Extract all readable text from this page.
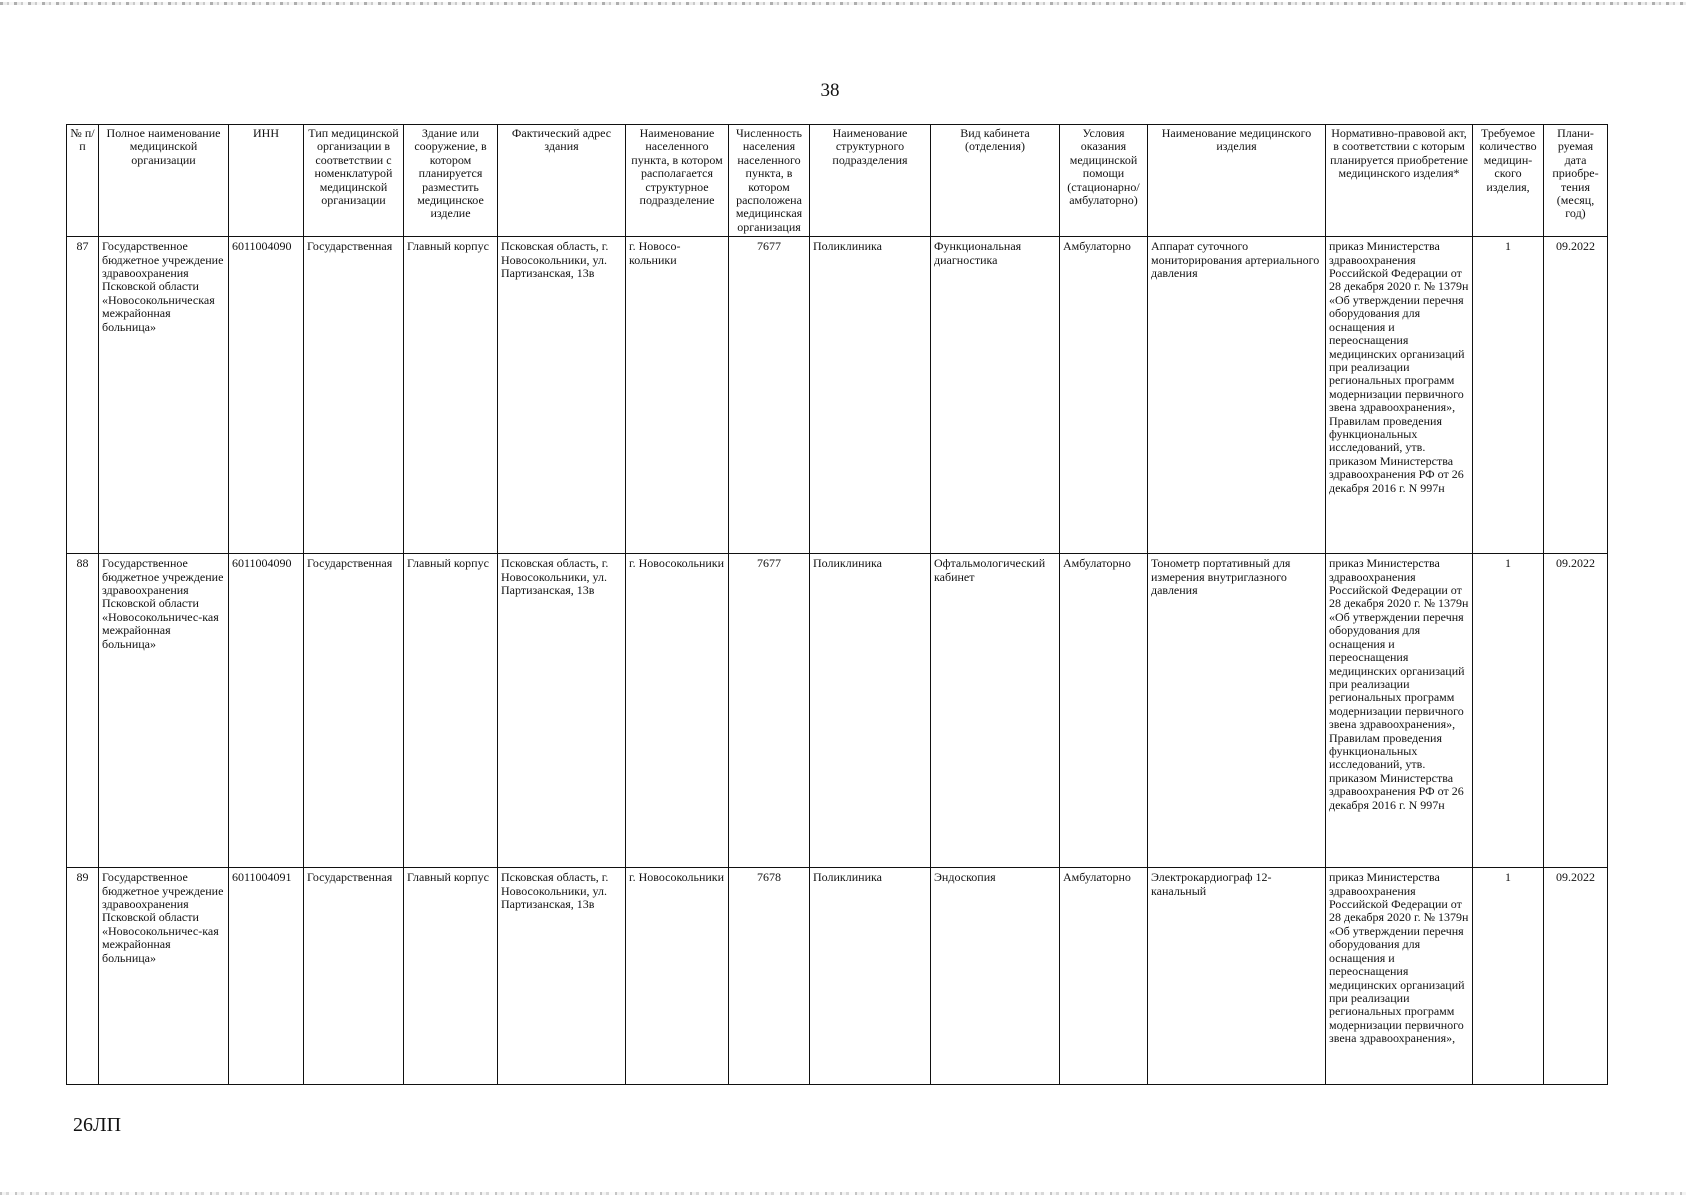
38
№ п/п	Полное наименование медицинской организации	ИНН	Тип медицинской организации в соответствии с номенклатурой медицинской организации	Здание или сооружение, в котором планируется разместить медицинское изделие	Фактический адрес здания	Наименование населенного пункта, в котором располагается структурное подразделение	Численность населения населенного пункта, в котором расположена медицинская организация	Наименование структурного подразделения	Вид кабинета (отделения)	Условия оказания медицинской помощи (стационарно/ амбулаторно)	Наименование медицинского изделия	Нормативно-правовой акт, в соответствии с которым планируется приобретение медицинского изделия*	Требуемое количество медицин-ского изделия,	Плани-руемая дата приобре-тения (месяц, год)
87	Государственное бюджетное учреждение здравоохранения Псковской области «Новосокольническая межрайонная больница»	6011004090	Государственная	Главный корпус	Псковская область, г. Новосокольники, ул. Партизанская, 13в	г. Новосо-кольники	7677	Поликлиника	Функциональная диагностика	Амбулаторно	Аппарат суточного мониторирования артериального давления	приказ Министерства здравоохранения Российской Федерации от 28 декабря 2020 г. № 1379н «Об утверждении перечня оборудования для оснащения и переоснащения медицинских организаций при реализации региональных программ модернизации первичного звена здравоохранения», Правилам проведения функциональных исследований, утв. приказом Министерства здравоохранения РФ от 26 декабря 2016 г. N 997н	1	09.2022
88	Государственное бюджетное учреждение здравоохранения Псковской области «Новосокольничес-кая межрайонная больница»	6011004090	Государственная	Главный корпус	Псковская область, г. Новосокольники, ул. Партизанская, 13в	г. Новосокольники	7677	Поликлиника	Офтальмологический кабинет	Амбулаторно	Тонометр портативный для измерения внутриглазного давления	приказ Министерства здравоохранения Российской Федерации от 28 декабря 2020 г. № 1379н «Об утверждении перечня оборудования для оснащения и переоснащения медицинских организаций при реализации региональных программ модернизации первичного звена здравоохранения», Правилам проведения функциональных исследований, утв. приказом Министерства здравоохранения РФ от 26 декабря 2016 г. N 997н	1	09.2022
89	Государственное бюджетное учреждение здравоохранения Псковской области «Новосокольничес-кая межрайонная больница»	6011004091	Государственная	Главный корпус	Псковская область, г. Новосокольники, ул. Партизанская, 13в	г. Новосокольники	7678	Поликлиника	Эндоскопия	Амбулаторно	Электрокардиограф 12-канальный	приказ Министерства здравоохранения Российской Федерации от 28 декабря 2020 г. № 1379н «Об утверждении перечня оборудования для оснащения и переоснащения медицинских организаций при реализации региональных программ модернизации первичного звена здравоохранения»,	1	09.2022
26ЛП
